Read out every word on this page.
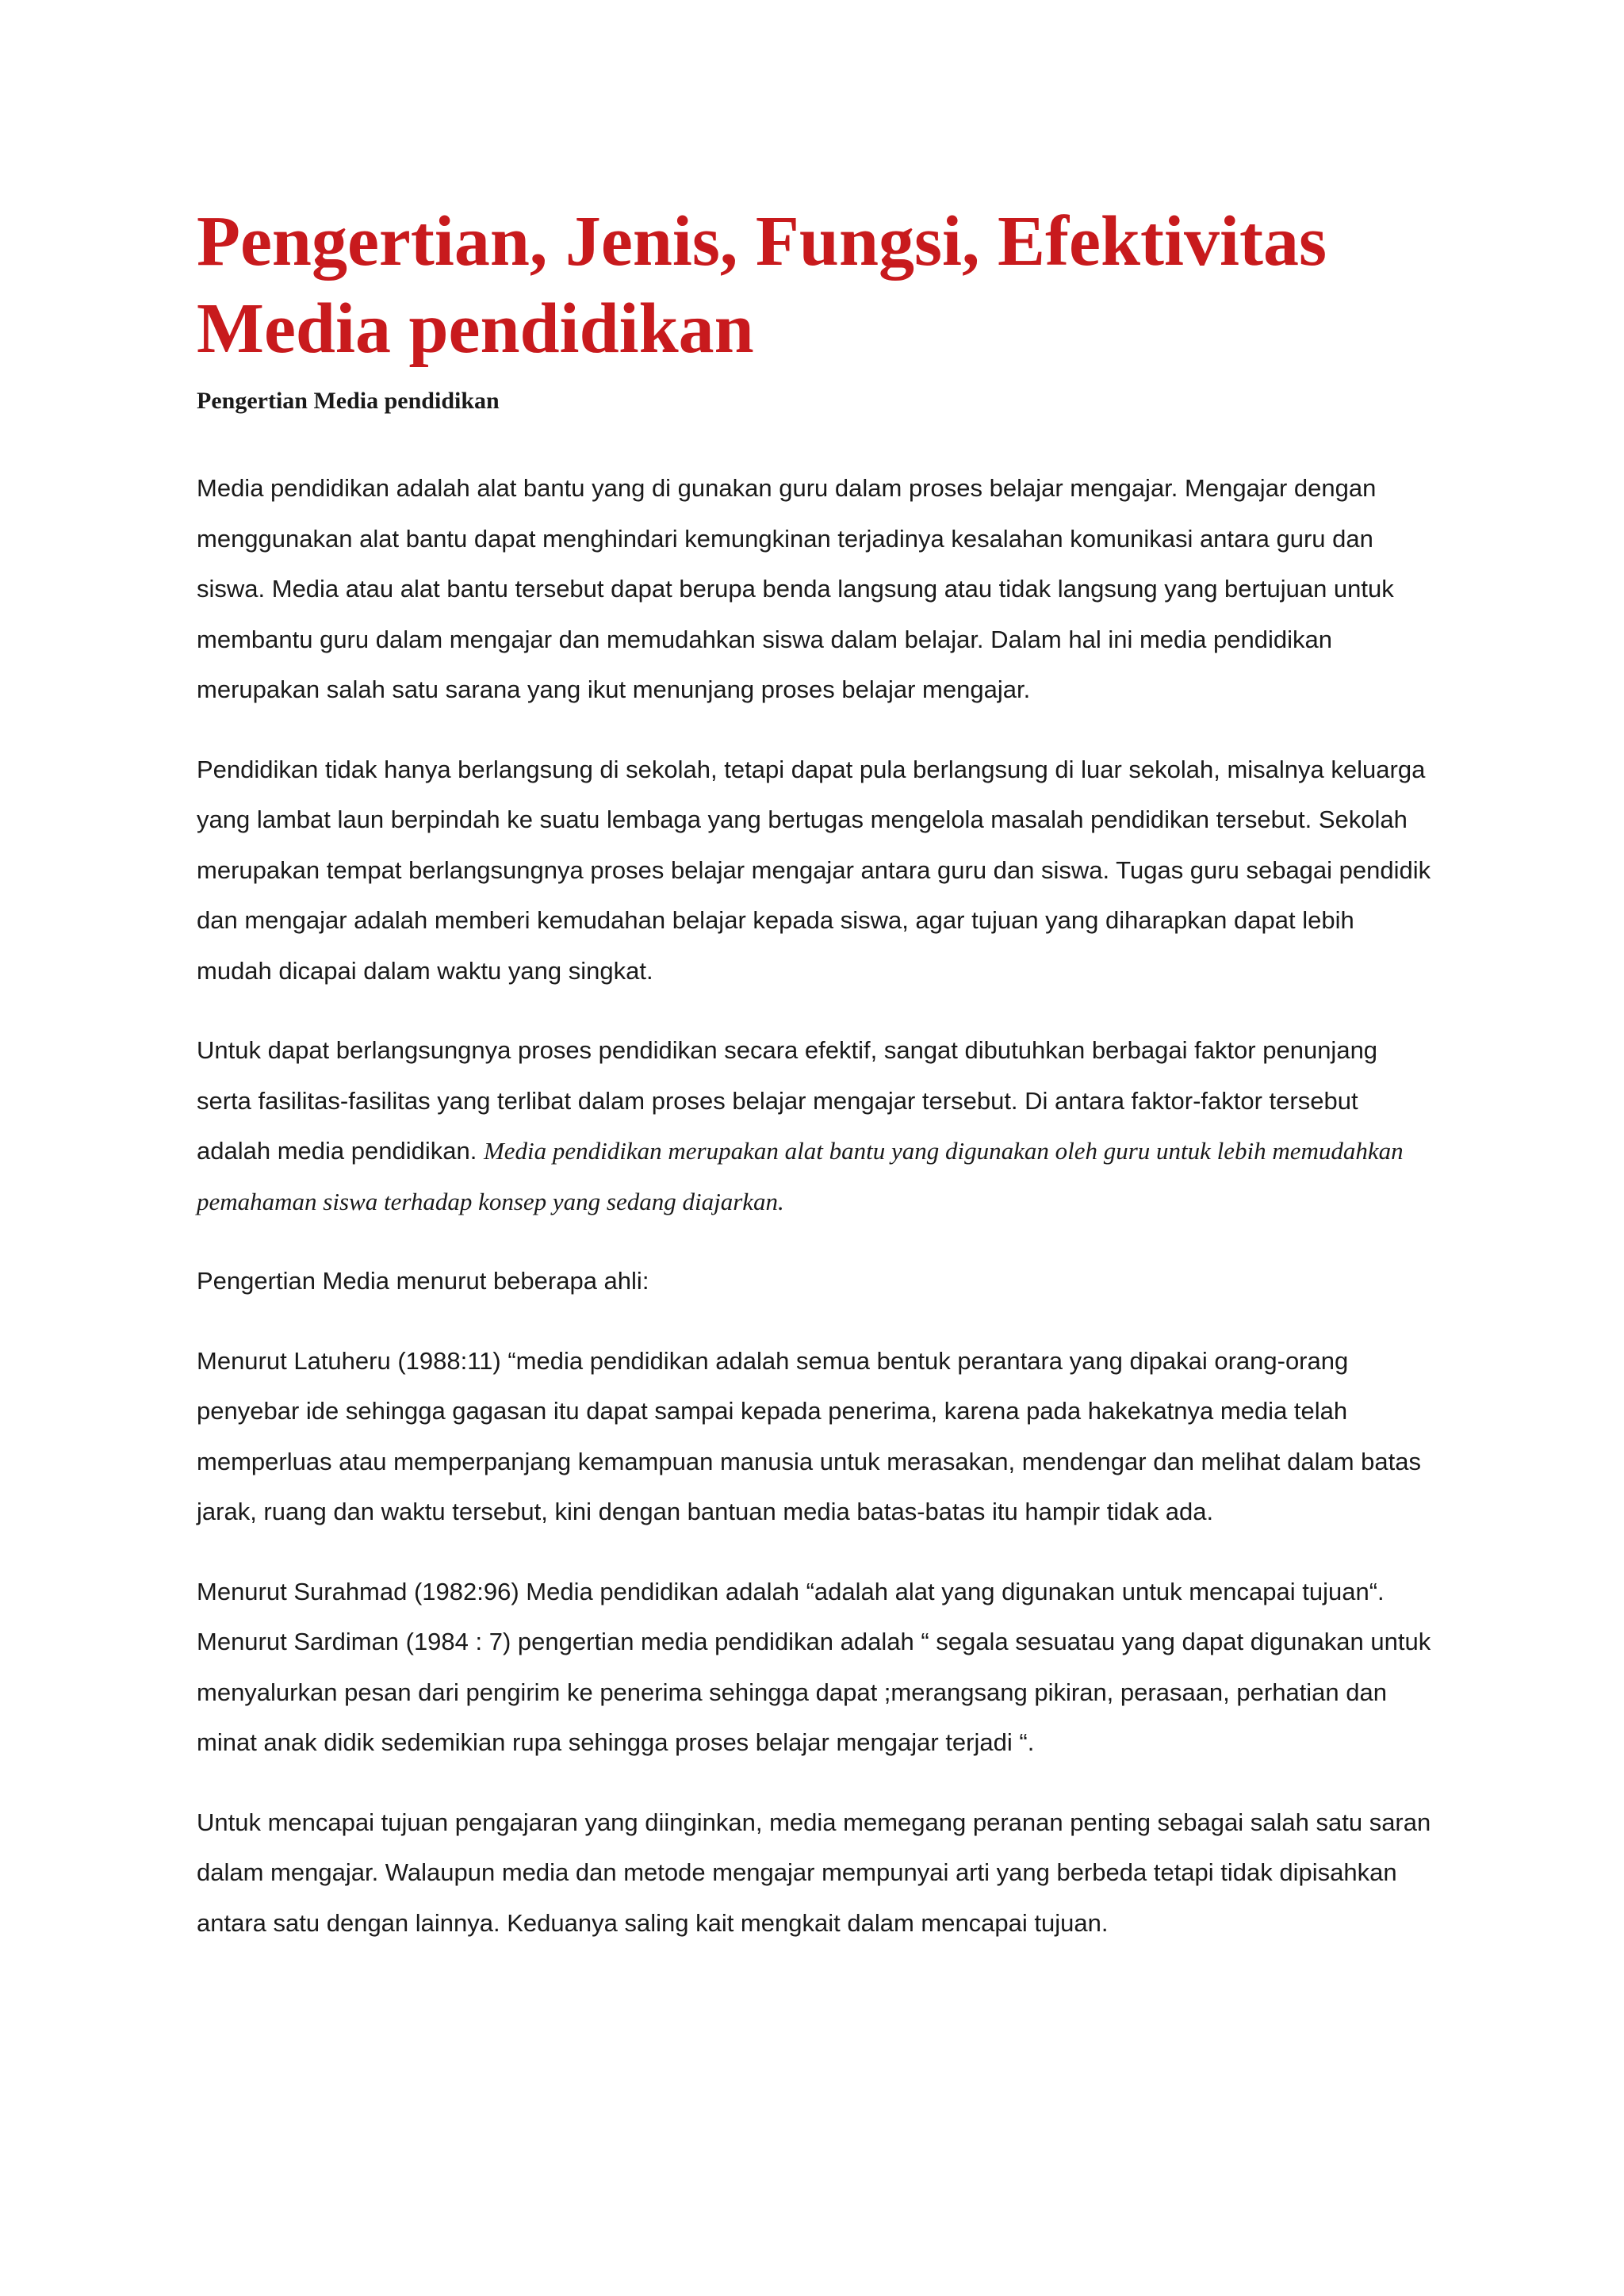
Pengertian, Jenis, Fungsi, Efektivitas Media pendidikan
Pengertian Media pendidikan

Media pendidikan adalah alat bantu yang di gunakan guru dalam proses belajar mengajar. Mengajar dengan menggunakan alat bantu dapat menghindari kemungkinan terjadinya kesalahan komunikasi antara guru dan siswa. Media atau alat bantu tersebut dapat berupa benda langsung atau tidak langsung yang bertujuan untuk membantu guru dalam mengajar dan memudahkan siswa dalam belajar. Dalam hal ini media pendidikan merupakan salah satu sarana yang ikut menunjang proses belajar mengajar.

Pendidikan tidak hanya berlangsung di sekolah, tetapi dapat pula berlangsung di luar sekolah, misalnya keluarga yang lambat laun berpindah ke suatu lembaga yang bertugas mengelola masalah pendidikan tersebut. Sekolah merupakan tempat berlangsungnya proses belajar mengajar antara guru dan siswa. Tugas guru sebagai pendidik dan mengajar adalah memberi kemudahan belajar kepada siswa, agar tujuan yang diharapkan dapat lebih mudah dicapai dalam waktu yang singkat.

Untuk dapat berlangsungnya proses pendidikan secara efektif, sangat dibutuhkan berbagai faktor penunjang serta fasilitas-fasilitas yang terlibat dalam proses belajar mengajar tersebut. Di antara faktor-faktor tersebut adalah media pendidikan. Media pendidikan merupakan alat bantu yang digunakan oleh guru untuk lebih memudahkan pemahaman siswa terhadap konsep yang sedang diajarkan.

Pengertian Media menurut beberapa ahli:

Menurut Latuheru (1988:11) “media pendidikan adalah semua bentuk perantara yang dipakai orang-orang penyebar ide sehingga gagasan itu dapat sampai kepada penerima, karena pada hakekatnya media telah memperluas atau memperpanjang kemampuan manusia untuk merasakan, mendengar dan melihat dalam batas jarak, ruang dan waktu tersebut, kini dengan bantuan media batas-batas itu hampir tidak ada.

Menurut Surahmad (1982:96) Media pendidikan adalah “adalah alat yang digunakan untuk mencapai tujuan“. Menurut Sardiman (1984 : 7) pengertian media pendidikan adalah “ segala sesuatau yang dapat digunakan untuk menyalurkan pesan dari pengirim ke penerima sehingga dapat ;merangsang pikiran, perasaan, perhatian dan minat anak didik sedemikian rupa sehingga proses belajar mengajar terjadi “.

Untuk mencapai tujuan pengajaran yang diinginkan, media memegang peranan penting sebagai salah satu saran dalam mengajar. Walaupun media dan metode mengajar mempunyai arti yang berbeda tetapi tidak dipisahkan antara satu dengan lainnya. Keduanya saling kait mengkait dalam mencapai tujuan.
